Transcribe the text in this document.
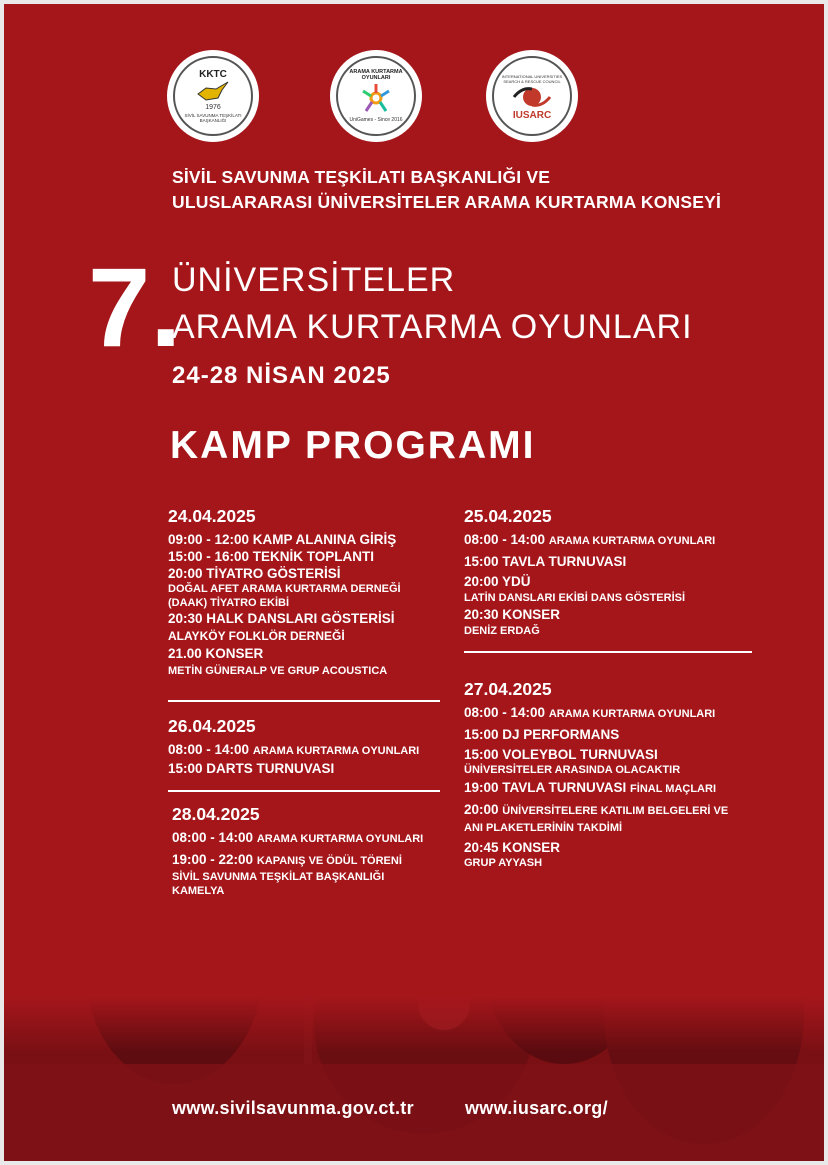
KKTC
1976
SİVİL SAVUNMA TEŞKİLATI BAŞKANLIĞI
ARAMA KURTARMA OYUNLARI
UniGames - Since 2016
INTERNATIONAL UNIVERSITIES SEARCH & RESCUE COUNCIL
IUSARC
SİVİL SAVUNMA TEŞKİLATI BAŞKANLIĞI VE
ULUSLARARASI ÜNİVERSİTELER ARAMA KURTARMA KONSEYİ
7.
ÜNİVERSİTELER
ARAMA KURTARMA OYUNLARI
24-28 NİSAN 2025
KAMP PROGRAMI
24.04.2025
09:00 - 12:00 KAMP ALANINA GİRİŞ
15:00 - 16:00 TEKNİK TOPLANTI
20:00 TİYATRO GÖSTERİSİ
DOĞAL AFET ARAMA KURTARMA DERNEĞİ
(DAAK) TİYATRO EKİBİ
20:30 HALK DANSLARI GÖSTERİSİ
ALAYKÖY FOLKLÖR DERNEĞİ
21.00 KONSER
METİN GÜNERALP VE GRUP ACOUSTICA
26.04.2025
08:00 - 14:00 ARAMA KURTARMA OYUNLARI
15:00 DARTS TURNUVASI
28.04.2025
08:00 - 14:00 ARAMA KURTARMA OYUNLARI
19:00 - 22:00 KAPANIŞ VE ÖDÜL TÖRENİ
SİVİL SAVUNMA TEŞKİLAT BAŞKANLIĞI
KAMELYA
25.04.2025
08:00 - 14:00 ARAMA KURTARMA OYUNLARI
15:00 TAVLA TURNUVASI
20:00 YDÜ
LATİN DANSLARI EKİBİ DANS GÖSTERİSİ
20:30 KONSER
DENİZ ERDAĞ
27.04.2025
08:00 - 14:00 ARAMA KURTARMA OYUNLARI
15:00 DJ PERFORMANS
15:00 VOLEYBOL TURNUVASI
ÜNİVERSİTELER ARASINDA OLACAKTIR
19:00 TAVLA TURNUVASI FİNAL MAÇLARI
20:00 ÜNİVERSİTELERE KATILIM BELGELERİ VE
ANI PLAKETLERİNİN TAKDİMİ
20:45 KONSER
GRUP AYYASH
www.sivilsavunma.gov.ct.tr	www.iusarc.org/
